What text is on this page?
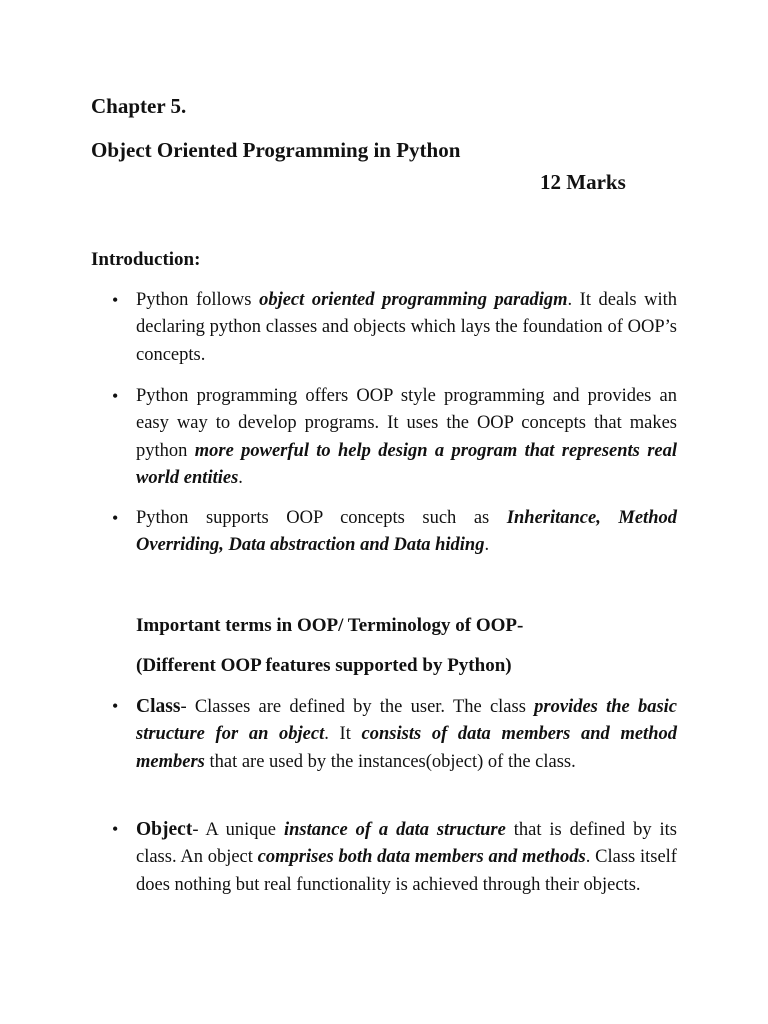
Chapter 5.
Object Oriented Programming in Python
12 Marks
Introduction:
• Python follows object oriented programming paradigm. It deals with declaring python classes and objects which lays the foundation of OOP’s concepts.
• Python programming offers OOP style programming and provides an easy way to develop programs. It uses the OOP concepts that makes python more powerful to help design a program that represents real world entities.
• Python supports OOP concepts such as Inheritance, Method Overriding, Data abstraction and Data hiding.
Important terms in OOP/ Terminology of OOP-
(Different OOP features supported by Python)
• Class- Classes are defined by the user. The class provides the basic structure for an object. It consists of data members and method members that are used by the instances(object) of the class.
• Object- A unique instance of a data structure that is defined by its class. An object comprises both data members and methods. Class itself does nothing but real functionality is achieved through their objects.
